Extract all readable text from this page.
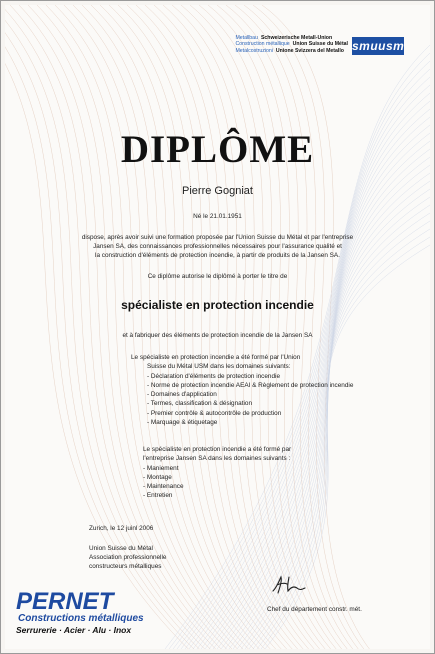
Metallbau Schweizerische Metall-Union
Construction métallique Union Suisse du Métal
Metalcostruzioni Unione Svizzera del Metallo smuusm
DIPLÔME
Pierre Gogniat
Né le 21.01.1951
dispose, après avoir suivi une formation proposée par l'Union Suisse du Métal et par l'entreprise
Jansen SA, des connaissances professionnelles nécessaires pour l'assurance qualité et
la construction d'éléments de protection incendie, à partir de produits de la Jansen SA.
Ce diplôme autorise le diplômé à porter le titre de
spécialiste en protection incendie
et à fabriquer des éléments de protection incendie de la Jansen SA
Le spécialiste en protection incendie a été formé par l'Union
Suisse du Métal USM dans les domaines suivants:
- Déclaration d'éléments de protection incendie
- Norme de protection incendie AEAI & Règlement de protection incendie
- Domaines d'application
- Termes, classification & désignation
- Premier contrôle & autocontrôle de production
- Marquage & étiquetage
Le spécialiste en protection incendie a été formé par
l'entreprise Jansen SA dans les domaines suivants :
- Maniement
- Montage
- Maintenance
- Entretien
Zurich, le 12 juinl 2006
Union Suisse du Métal
Association professionnelle
constructeurs métalliques
Chef du département constr. mét.
PERNET
Constructions métalliques
Serrurerie · Acier · Alu · Inox
